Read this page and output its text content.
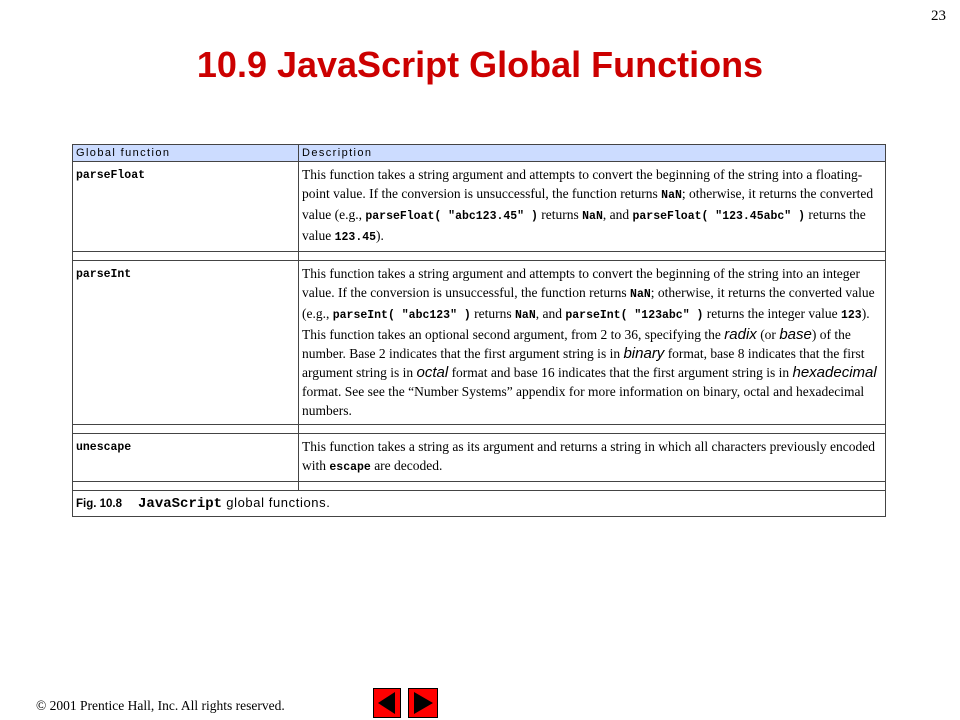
23
10.9 JavaScript Global Functions
Global function	Description
parseFloat	This function takes a string argument and attempts to convert the beginning of the string into a floating-point value. If the conversion is unsuccessful, the function returns NaN; otherwise, it returns the converted value (e.g., parseFloat( "abc123.45" ) returns NaN, and parseFloat( "123.45abc" ) returns the value 123.45).

parseInt	This function takes a string argument and attempts to convert the beginning of the string into an integer value. If the conversion is unsuccessful, the function returns NaN; otherwise, it returns the converted value (e.g., parseInt( "abc123" ) returns NaN, and parseInt( "123abc" ) returns the integer value 123). This function takes an optional second argument, from 2 to 36, specifying the radix (or base) of the number. Base 2 indicates that the first argument string is in binary format, base 8 indicates that the first argument string is in octal format and base 16 indicates that the first argument string is in hexadecimal format. See see the “Number Systems” appendix for more information on binary, octal and hexadecimal numbers.

unescape	This function takes a string as its argument and returns a string in which all characters previously encoded with escape are decoded.

Fig. 10.8 JavaScript global functions.	
© 2001 Prentice Hall, Inc. All rights reserved.
